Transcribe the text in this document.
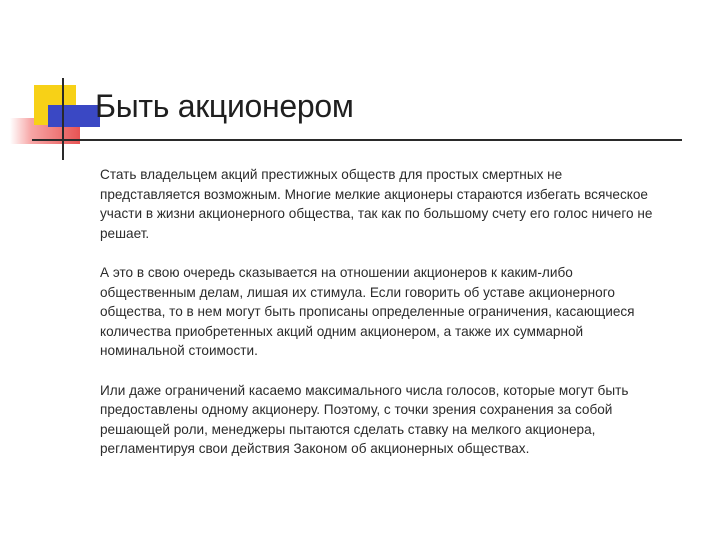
Быть акционером

Стать владельцем акций престижных обществ для простых смертных не представляется возможным. Многие мелкие акционеры стараются избегать всяческое участи в жизни акционерного общества, так как по большому счету его голос ничего не решает.

А это в свою очередь сказывается на отношении акционеров к каким-либо общественным делам, лишая их стимула. Если говорить об уставе акционерного общества, то в нем могут быть прописаны определенные ограничения, касающиеся количества приобретенных акций одним акционером, а также их суммарной номинальной стоимости.

Или даже ограничений касаемо максимального числа голосов, которые могут быть предоставлены одному акционеру. Поэтому, с точки зрения сохранения за собой решающей роли, менеджеры пытаются сделать ставку на мелкого акционера, регламентируя свои действия Законом об акционерных обществах.
